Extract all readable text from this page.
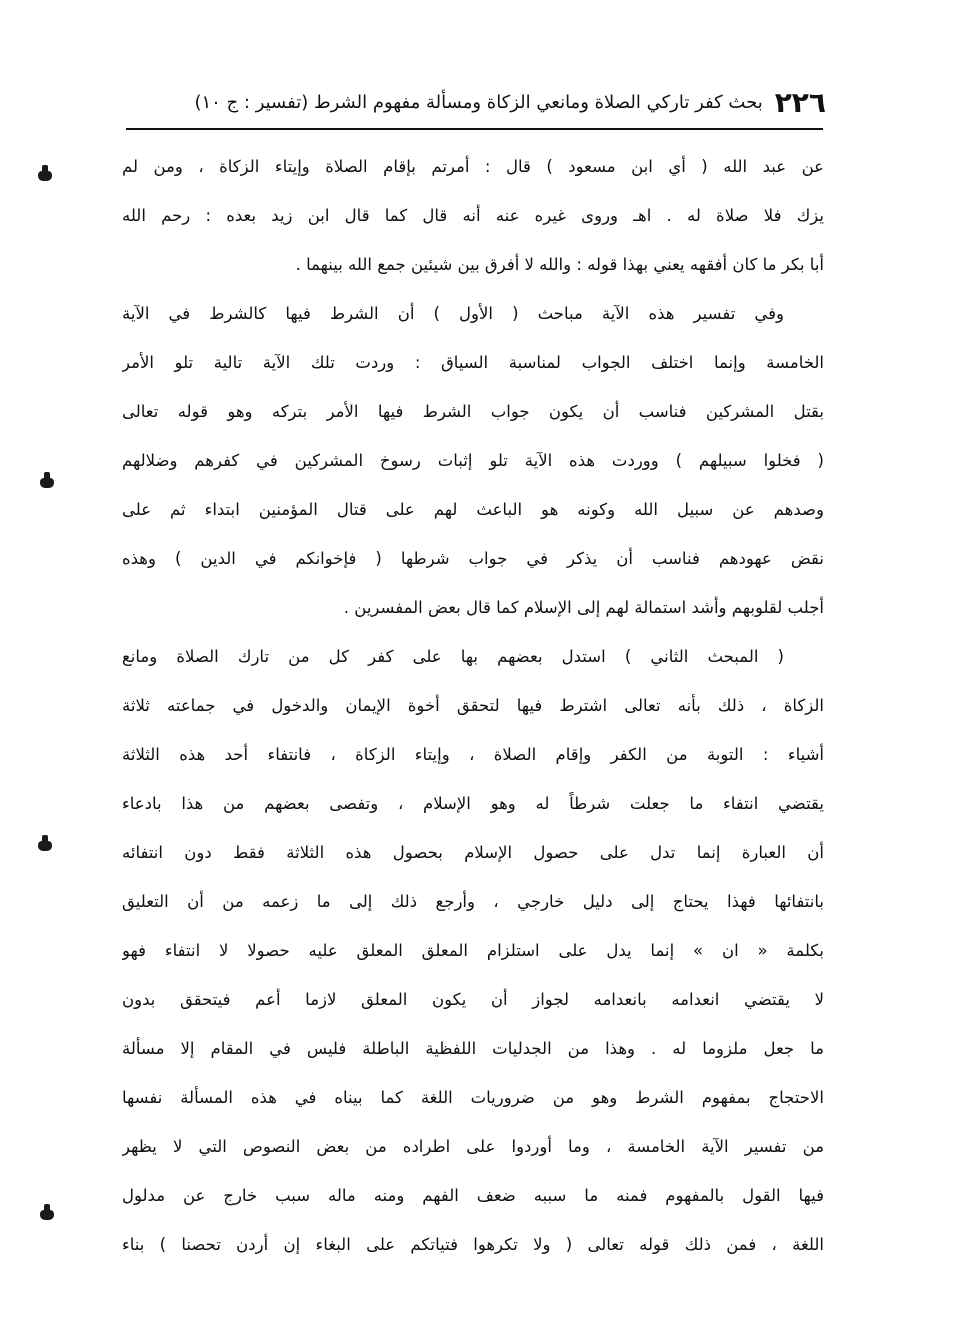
٢٢٦
بحث كفر تاركي الصلاة ومانعي الزكاة ومسألة مفهوم الشرط (تفسير : ج ١٠)
عن عبد الله ( أي ابن مسعود ) قال : أمرتم بإقام الصلاة وإيتاء الزكاة ، ومن لم
يزك فلا صلاة له . اهـ وروى غيره عنه أنه قال كما قال ابن زيد بعده : رحم الله
أبا بكر ما كان أفقهه يعني بهذا قوله : والله لا أفرق بين شيئين جمع الله بينهما .
وفي تفسير هذه الآية مباحث ( الأول ) أن الشرط فيها كالشرط في الآية
الخامسة وإنما اختلف الجواب لمناسبة السياق : وردت تلك الآية تالية تلو الأمر
بقتل المشركين فناسب أن يكون جواب الشرط فيها الأمر بتركه وهو قوله تعالى
( فخلوا سبيلهم ) ووردت هذه الآية تلو إثبات رسوخ المشركين في كفرهم وضلالهم
وصدهم عن سبيل الله وكونه هو الباعث لهم على قتال المؤمنين ابتداء ثم على
نقض عهودهم فناسب أن يذكر في جواب شرطها ( فإخوانكم في الدين ) وهذه
أجلب لقلوبهم وأشد استمالة لهم إلى الإسلام كما قال بعض المفسرين .
( المبحث الثاني ) استدل بعضهم بها على كفر كل من تارك الصلاة ومانع
الزكاة ، ذلك بأنه تعالى اشترط فيها لتحقق أخوة الإيمان والدخول في جماعته ثلاثة
أشياء : التوبة من الكفر وإقام الصلاة ، وإيتاء الزكاة ، فانتفاء أحد هذه الثلاثة
يقتضي انتفاء ما جعلت شرطاً له وهو الإسلام ، وتفصى بعضهم من هذا بادعاء
أن العبارة إنما تدل على حصول الإسلام بحصول هذه الثلاثة فقط دون انتفائه
بانتفائها فهذا يحتاج إلى دليل خارجي ، وأرجع ذلك إلى ما زعمه من أن التعليق
بكلمة « ان » إنما يدل على استلزام المعلق المعلق عليه حصولا لا انتفاء فهو
لا يقتضي انعدامه بانعدامه لجواز أن يكون المعلق لازما أعم فيتحقق بدون
ما جعل ملزوما له . وهذا من الجدليات اللفظية الباطلة فليس في المقام إلا مسألة
الاحتجاج بمفهوم الشرط وهو من ضروريات اللغة كما بيناه في هذه المسألة نفسها
من تفسير الآية الخامسة ، وما أوردوا على اطراده من بعض النصوص التي لا يظهر
فيها القول بالمفهوم فمنه ما سببه ضعف الفهم ومنه ماله سبب خارج عن مدلول
اللغة ، فمن ذلك قوله تعالى ( ولا تكرهوا فتياتكم على البغاء إن أردن تحصنا ) بناء
